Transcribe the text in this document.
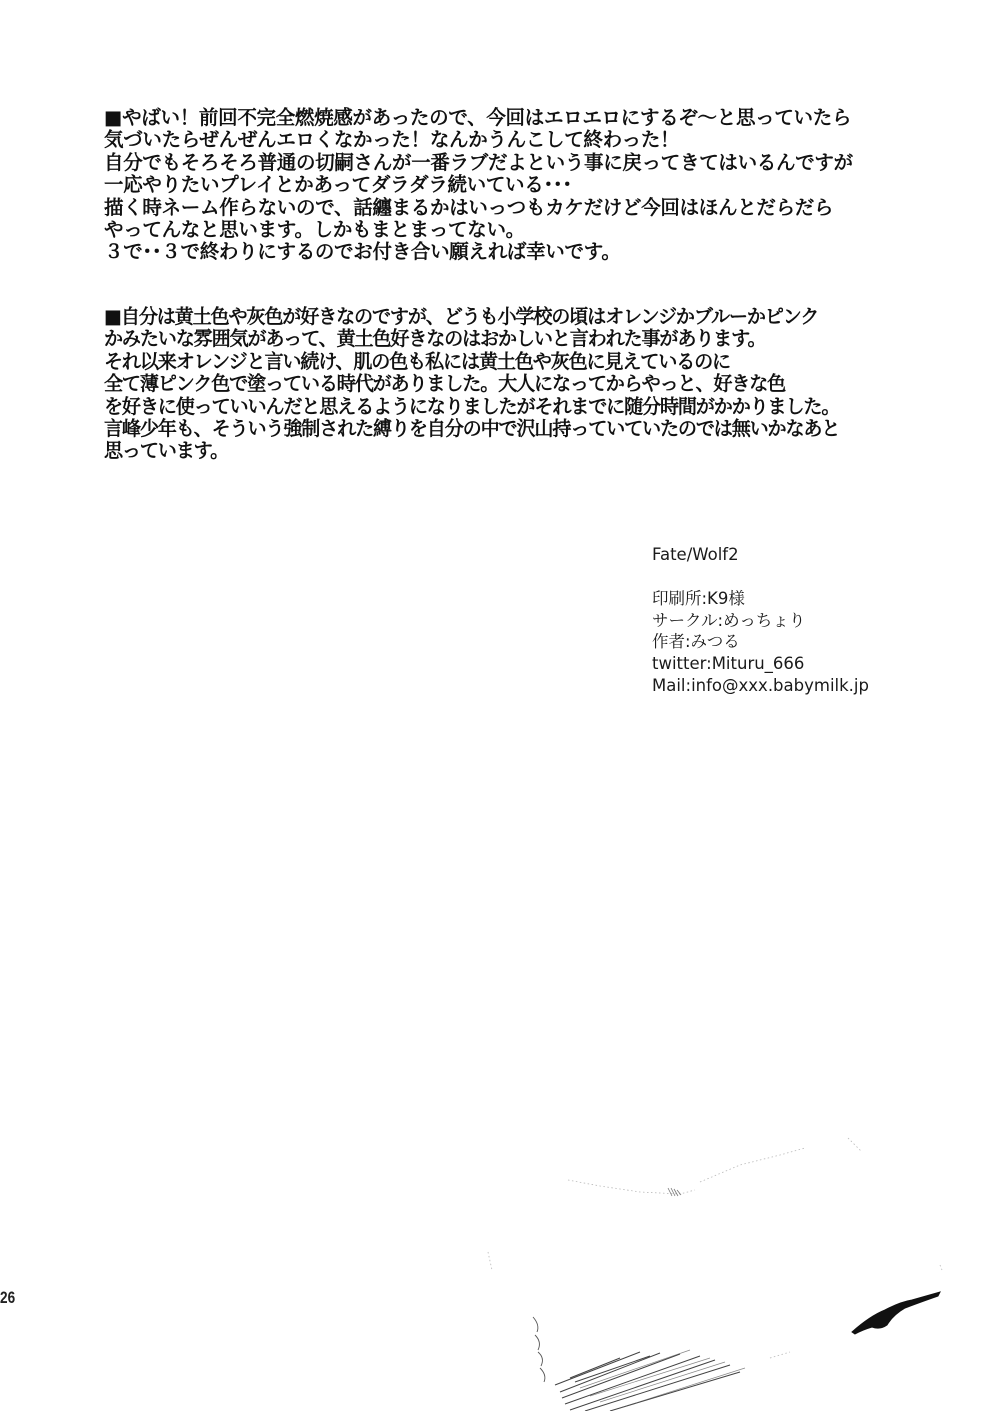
■やばい！前回不完全燃焼感があったので、今回はエロエロにするぞ～と思っていたら
気づいたらぜんぜんエロくなかった！なんかうんこして終わった！
自分でもそろそろ普通の切嗣さんが一番ラブだよという事に戻ってきてはいるんですが
一応やりたいプレイとかあってダラダラ続いている･･･
描く時ネーム作らないので、話纏まるかはいっつもカケだけど今回はほんとだらだら
やってんなと思います。しかもまとまってない。
３で･･３で終わりにするのでお付き合い願えれば幸いです。
■自分は黄土色や灰色が好きなのですが、どうも小学校の頃はオレンジかブルーかピンク
かみたいな雰囲気があって、黄土色好きなのはおかしいと言われた事があります。
それ以来オレンジと言い続け、肌の色も私には黄土色や灰色に見えているのに
全て薄ピンク色で塗っている時代がありました。大人になってからやっと、好きな色
を好きに使っていいんだと思えるようになりましたがそれまでに随分時間がかかりました。
言峰少年も、そういう強制された縛りを自分の中で沢山持っていていたのでは無いかなあと
思っています。
Fate/Wolf2
印刷所:K9様
サークル:めっちょり
作者:みつる
twitter:Mituru_666
Mail:info@xxx.babymilk.jp
26
